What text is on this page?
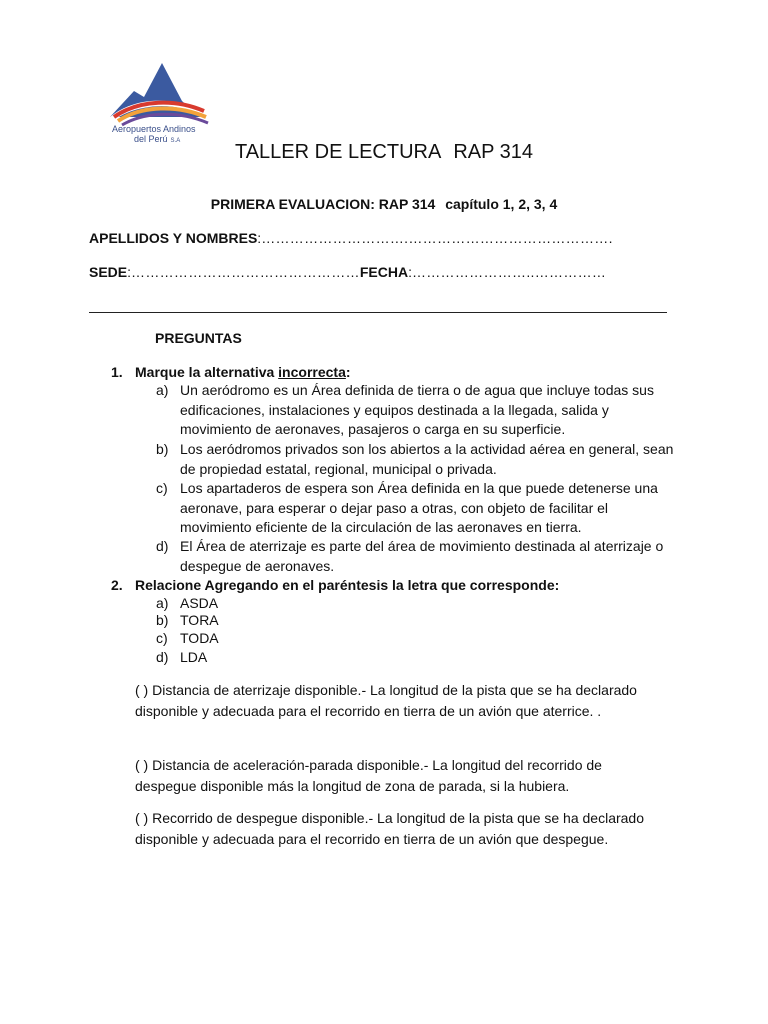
Aeropuertos Andinos
del Perú S.A	TALLER DE LECTURA RAP 314
PRIMERA EVALUACION: RAP 314 capítulo 1, 2, 3, 4
APELLIDOS Y NOMBRES:………………………….…………………………………….
SEDE:…………………………………………FECHA:……………………..……………
PREGUNTAS
1. Marque la alternativa incorrecta:
a) Un aeródromo es un Área definida de tierra o de agua que incluye todas sus edificaciones, instalaciones y equipos destinada a la llegada, salida y movimiento de aeronaves, pasajeros o carga en su superficie.
b) Los aeródromos privados son los abiertos a la actividad aérea en general, sean de propiedad estatal, regional, municipal o privada.
c) Los apartaderos de espera son Área definida en la que puede detenerse una aeronave, para esperar o dejar paso a otras, con objeto de facilitar el movimiento eficiente de la circulación de las aeronaves en tierra.
d) El Área de aterrizaje es parte del área de movimiento destinada al aterrizaje o despegue de aeronaves.
2. Relacione Agregando en el paréntesis la letra que corresponde:
a) ASDA
b) TORA
c) TODA
d) LDA
( ) Distancia de aterrizaje disponible.- La longitud de la pista que se ha declarado disponible y adecuada para el recorrido en tierra de un avión que aterrice. .
( ) Distancia de aceleración-parada disponible.- La longitud del recorrido de despegue disponible más la longitud de zona de parada, si la hubiera.
( ) Recorrido de despegue disponible.- La longitud de la pista que se ha declarado disponible y adecuada para el recorrido en tierra de un avión que despegue.
